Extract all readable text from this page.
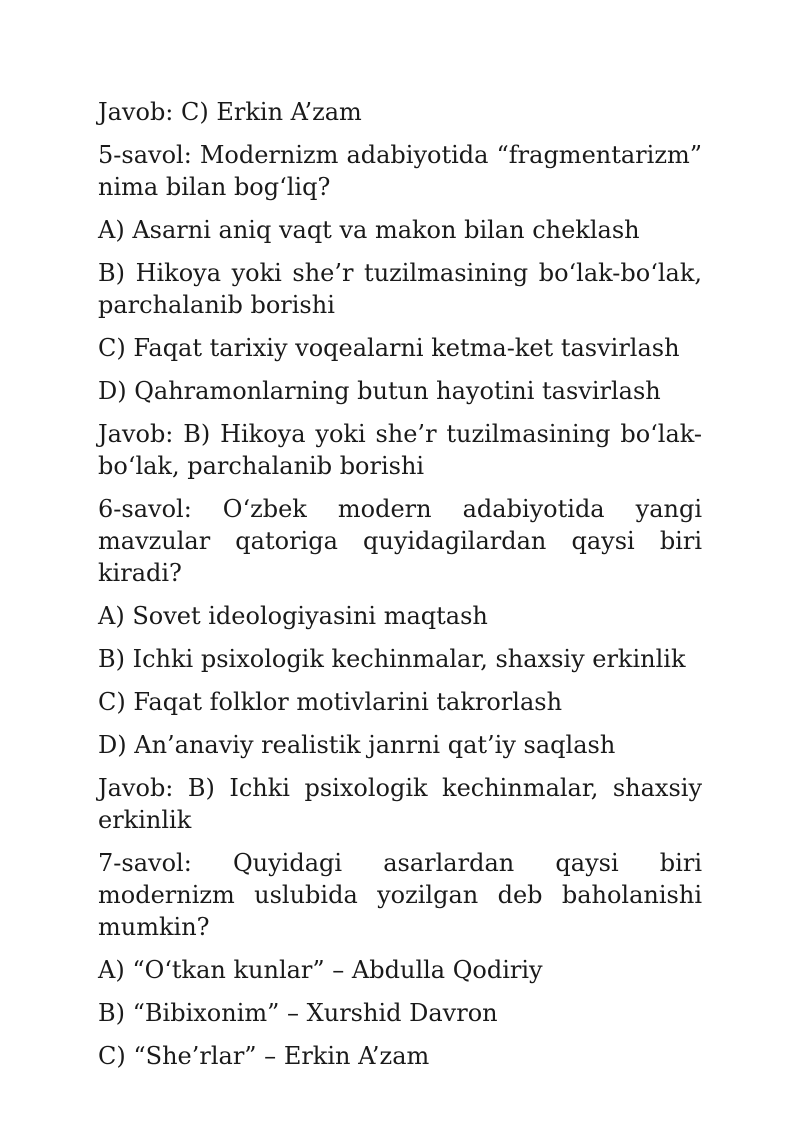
Javob: C) Erkin A’zam

5-savol: Modernizm adabiyotida “fragmentarizm” nima bilan bog‘liq?

A) Asarni aniq vaqt va makon bilan cheklash

B) Hikoya yoki she’r tuzilmasining bo‘lak-bo‘lak, parchalanib borishi

C) Faqat tarixiy voqealarni ketma-ket tasvirlash

D) Qahramonlarning butun hayotini tasvirlash

Javob: B) Hikoya yoki she’r tuzilmasining bo‘lak-bo‘lak, parchalanib borishi

6-savol: O‘zbek modern adabiyotida yangi mavzular qatoriga quyidagilardan qaysi biri kiradi?

A) Sovet ideologiyasini maqtash

B) Ichki psixologik kechinmalar, shaxsiy erkinlik

C) Faqat folklor motivlarini takrorlash

D) An’anaviy realistik janrni qat’iy saqlash

Javob: B) Ichki psixologik kechinmalar, shaxsiy erkinlik

7-savol: Quyidagi asarlardan qaysi biri modernizm uslubida yozilgan deb baholanishi mumkin?

A) “O‘tkan kunlar” – Abdulla Qodiriy

B) “Bibixonim” – Xurshid Davron

C) “She’rlar” – Erkin A’zam
